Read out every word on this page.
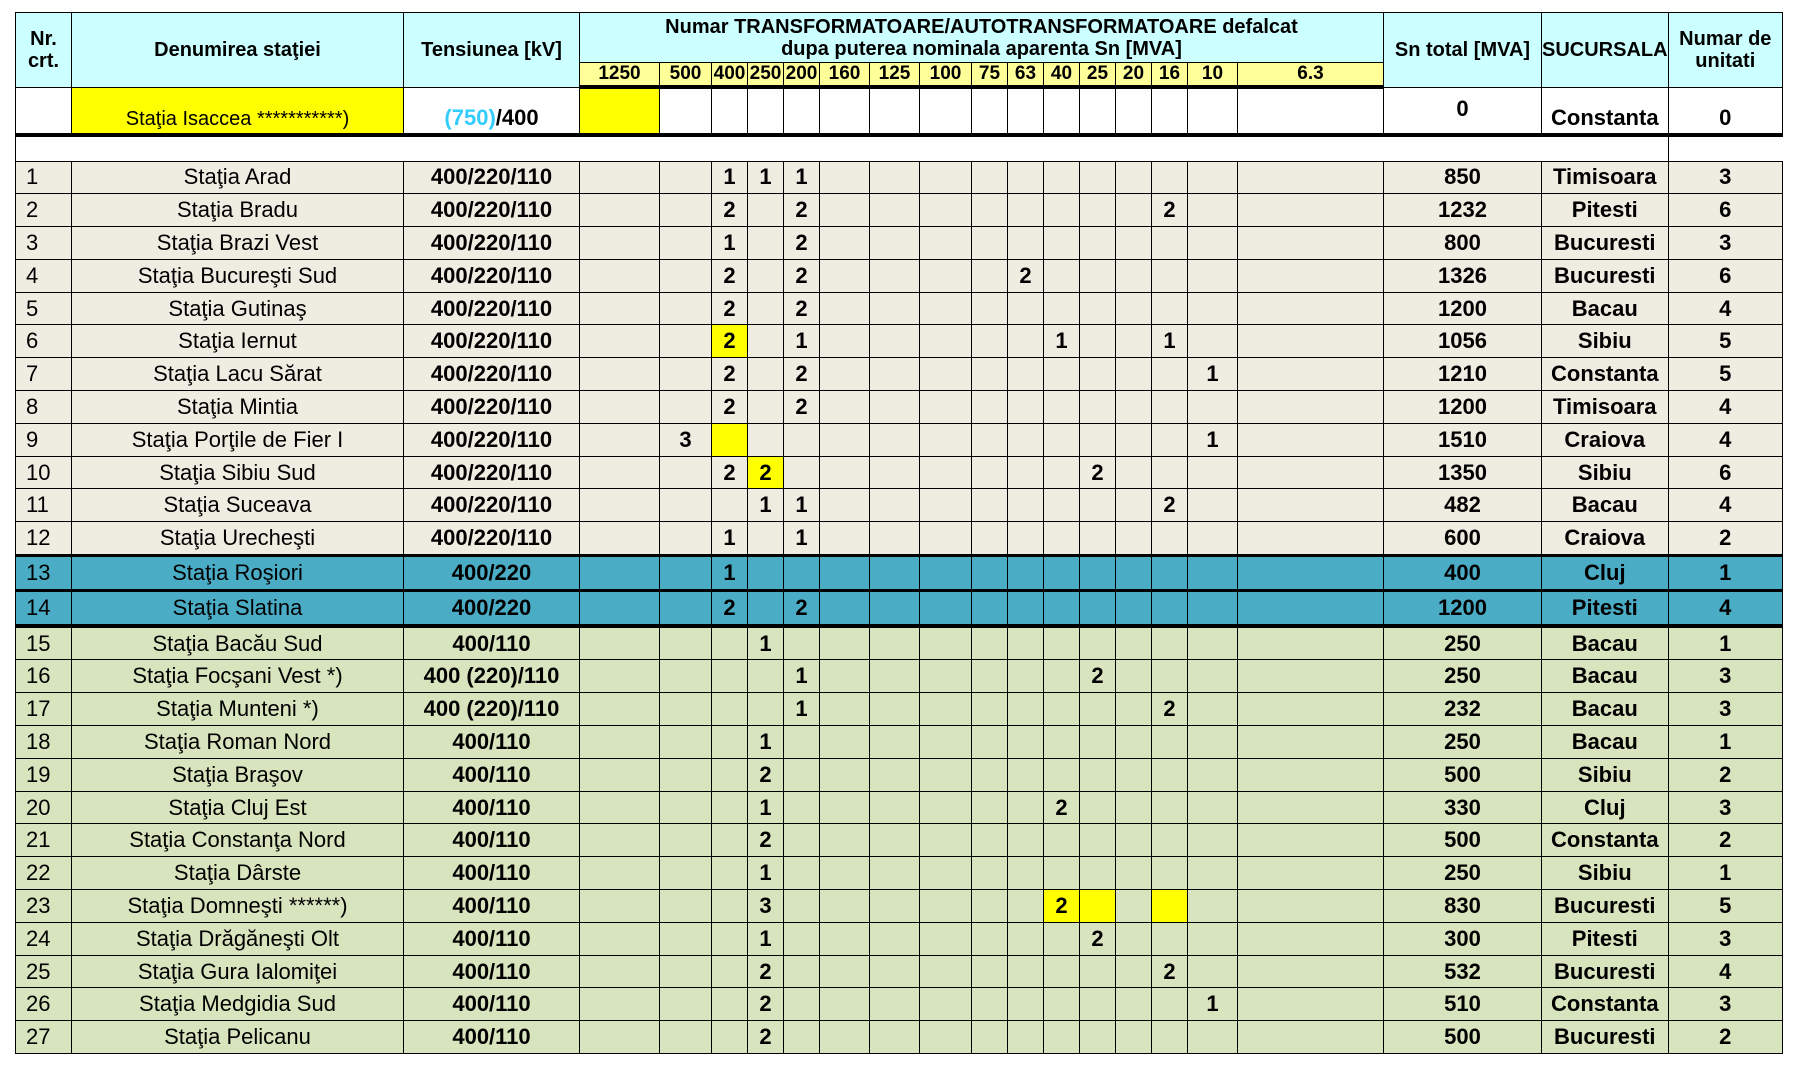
Nr. crt.	Denumirea staţiei	Tensiunea [kV]	Numar TRANSFORMATOARE/AUTOTRANSFORMATOARE defalcat
dupa puterea nominala aparenta Sn [MVA]																Sn total [MVA]	SUCURSALA	Numar de unitati
			1250	500	400	250	200	160	125	100	75	63	40	25	20	16	10	6.3			
	Staţia Isaccea ***********)	(750)/400																	0	Constanta	0

1	Staţia Arad	400/220/110			1	1	1												850	Timisoara	3
2	Staţia Bradu	400/220/110			2		2									2			1232	Pitesti	6
3	Staţia Brazi Vest	400/220/110			1		2												800	Bucuresti	3
4	Staţia Bucureşti Sud	400/220/110			2		2					2							1326	Bucuresti	6
5	Staţia Gutinaş	400/220/110			2		2												1200	Bacau	4
6	Staţia Iernut	400/220/110			2		1						1			1			1056	Sibiu	5
7	Staţia Lacu Sărat	400/220/110			2		2										1		1210	Constanta	5
8	Staţia Mintia	400/220/110			2		2												1200	Timisoara	4
9	Staţia Porţile de Fier I	400/220/110		3													1		1510	Craiova	4
10	Staţia Sibiu Sud	400/220/110			2	2								2					1350	Sibiu	6
11	Staţia Suceava	400/220/110				1	1									2			482	Bacau	4
12	Staţia Urecheşti	400/220/110			1		1												600	Craiova	2
13	Staţia Roşiori	400/220			1														400	Cluj	1
14	Staţia Slatina	400/220			2		2												1200	Pitesti	4
15	Staţia Bacău Sud	400/110				1													250	Bacau	1
16	Staţia Focşani Vest *)	400 (220)/110					1							2					250	Bacau	3
17	Staţia Munteni *)	400 (220)/110					1									2			232	Bacau	3
18	Staţia Roman Nord	400/110				1													250	Bacau	1
19	Staţia Braşov	400/110				2													500	Sibiu	2
20	Staţia Cluj Est	400/110				1							2						330	Cluj	3
21	Staţia Constanţa Nord	400/110				2													500	Constanta	2
22	Staţia Dârste	400/110				1													250	Sibiu	1
23	Staţia Domneşti ******)	400/110				3							2						830	Bucuresti	5
24	Staţia Drăgăneşti Olt	400/110				1								2					300	Pitesti	3
25	Staţia Gura Ialomiţei	400/110				2										2			532	Bucuresti	4
26	Staţia Medgidia Sud	400/110				2											1		510	Constanta	3
27	Staţia Pelicanu	400/110				2													500	Bucuresti	2
